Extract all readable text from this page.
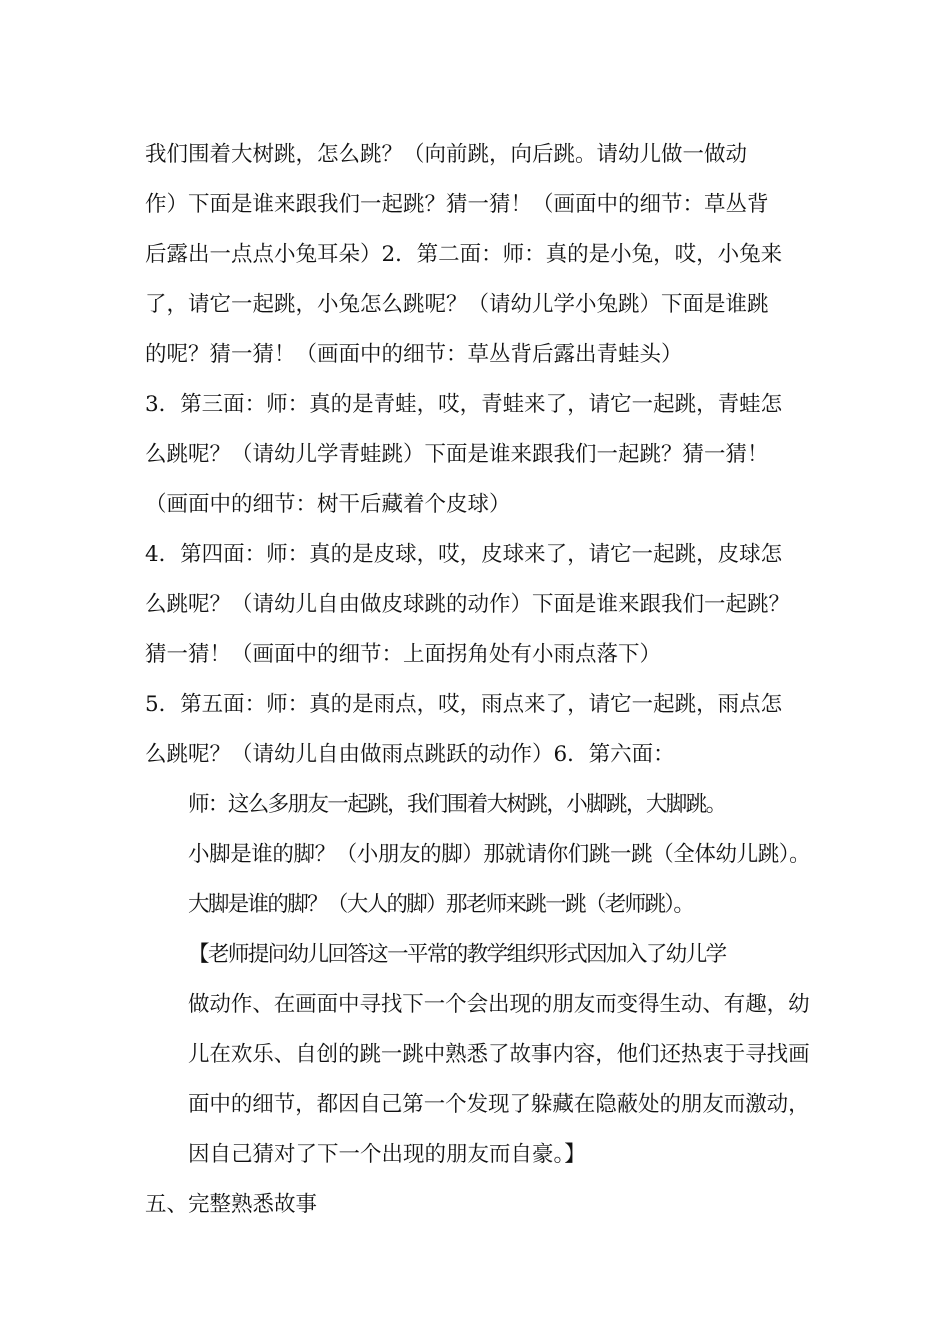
我们围着大树跳，怎么跳？（向前跳，向后跳。请幼儿做一做动
作）下面是谁来跟我们一起跳？猜一猜！（画面中的细节：草丛背
后露出一点点小兔耳朵）2．第二面：师：真的是小兔，哎，小兔来
了，请它一起跳，小兔怎么跳呢？（请幼儿学小兔跳）下面是谁跳
的呢？猜一猜！（画面中的细节：草丛背后露出青蛙头）
3．第三面：师：真的是青蛙，哎，青蛙来了，请它一起跳，青蛙怎
么跳呢？（请幼儿学青蛙跳）下面是谁来跟我们一起跳？猜一猜！
（画面中的细节：树干后藏着个皮球）
4．第四面：师：真的是皮球，哎，皮球来了，请它一起跳，皮球怎
么跳呢？（请幼儿自由做皮球跳的动作）下面是谁来跟我们一起跳？
猜一猜！（画面中的细节：上面拐角处有小雨点落下）
5．第五面：师：真的是雨点，哎，雨点来了，请它一起跳，雨点怎
么跳呢？（请幼儿自由做雨点跳跃的动作）6．第六面：
师：这么多朋友一起跳，我们围着大树跳，小脚跳，大脚跳。
小脚是谁的脚？（小朋友的脚）那就请你们跳一跳（全体幼儿跳）。
大脚是谁的脚？（大人的脚）那老师来跳一跳（老师跳）。
【老师提问幼儿回答这一平常的教学组织形式因加入了幼儿学
做动作、在画面中寻找下一个会出现的朋友而变得生动、有趣，幼
儿在欢乐、自创的跳一跳中熟悉了故事内容，他们还热衷于寻找画
面中的细节，都因自己第一个发现了躲藏在隐蔽处的朋友而激动，
因自己猜对了下一个出现的朋友而自豪。】
五、完整熟悉故事
